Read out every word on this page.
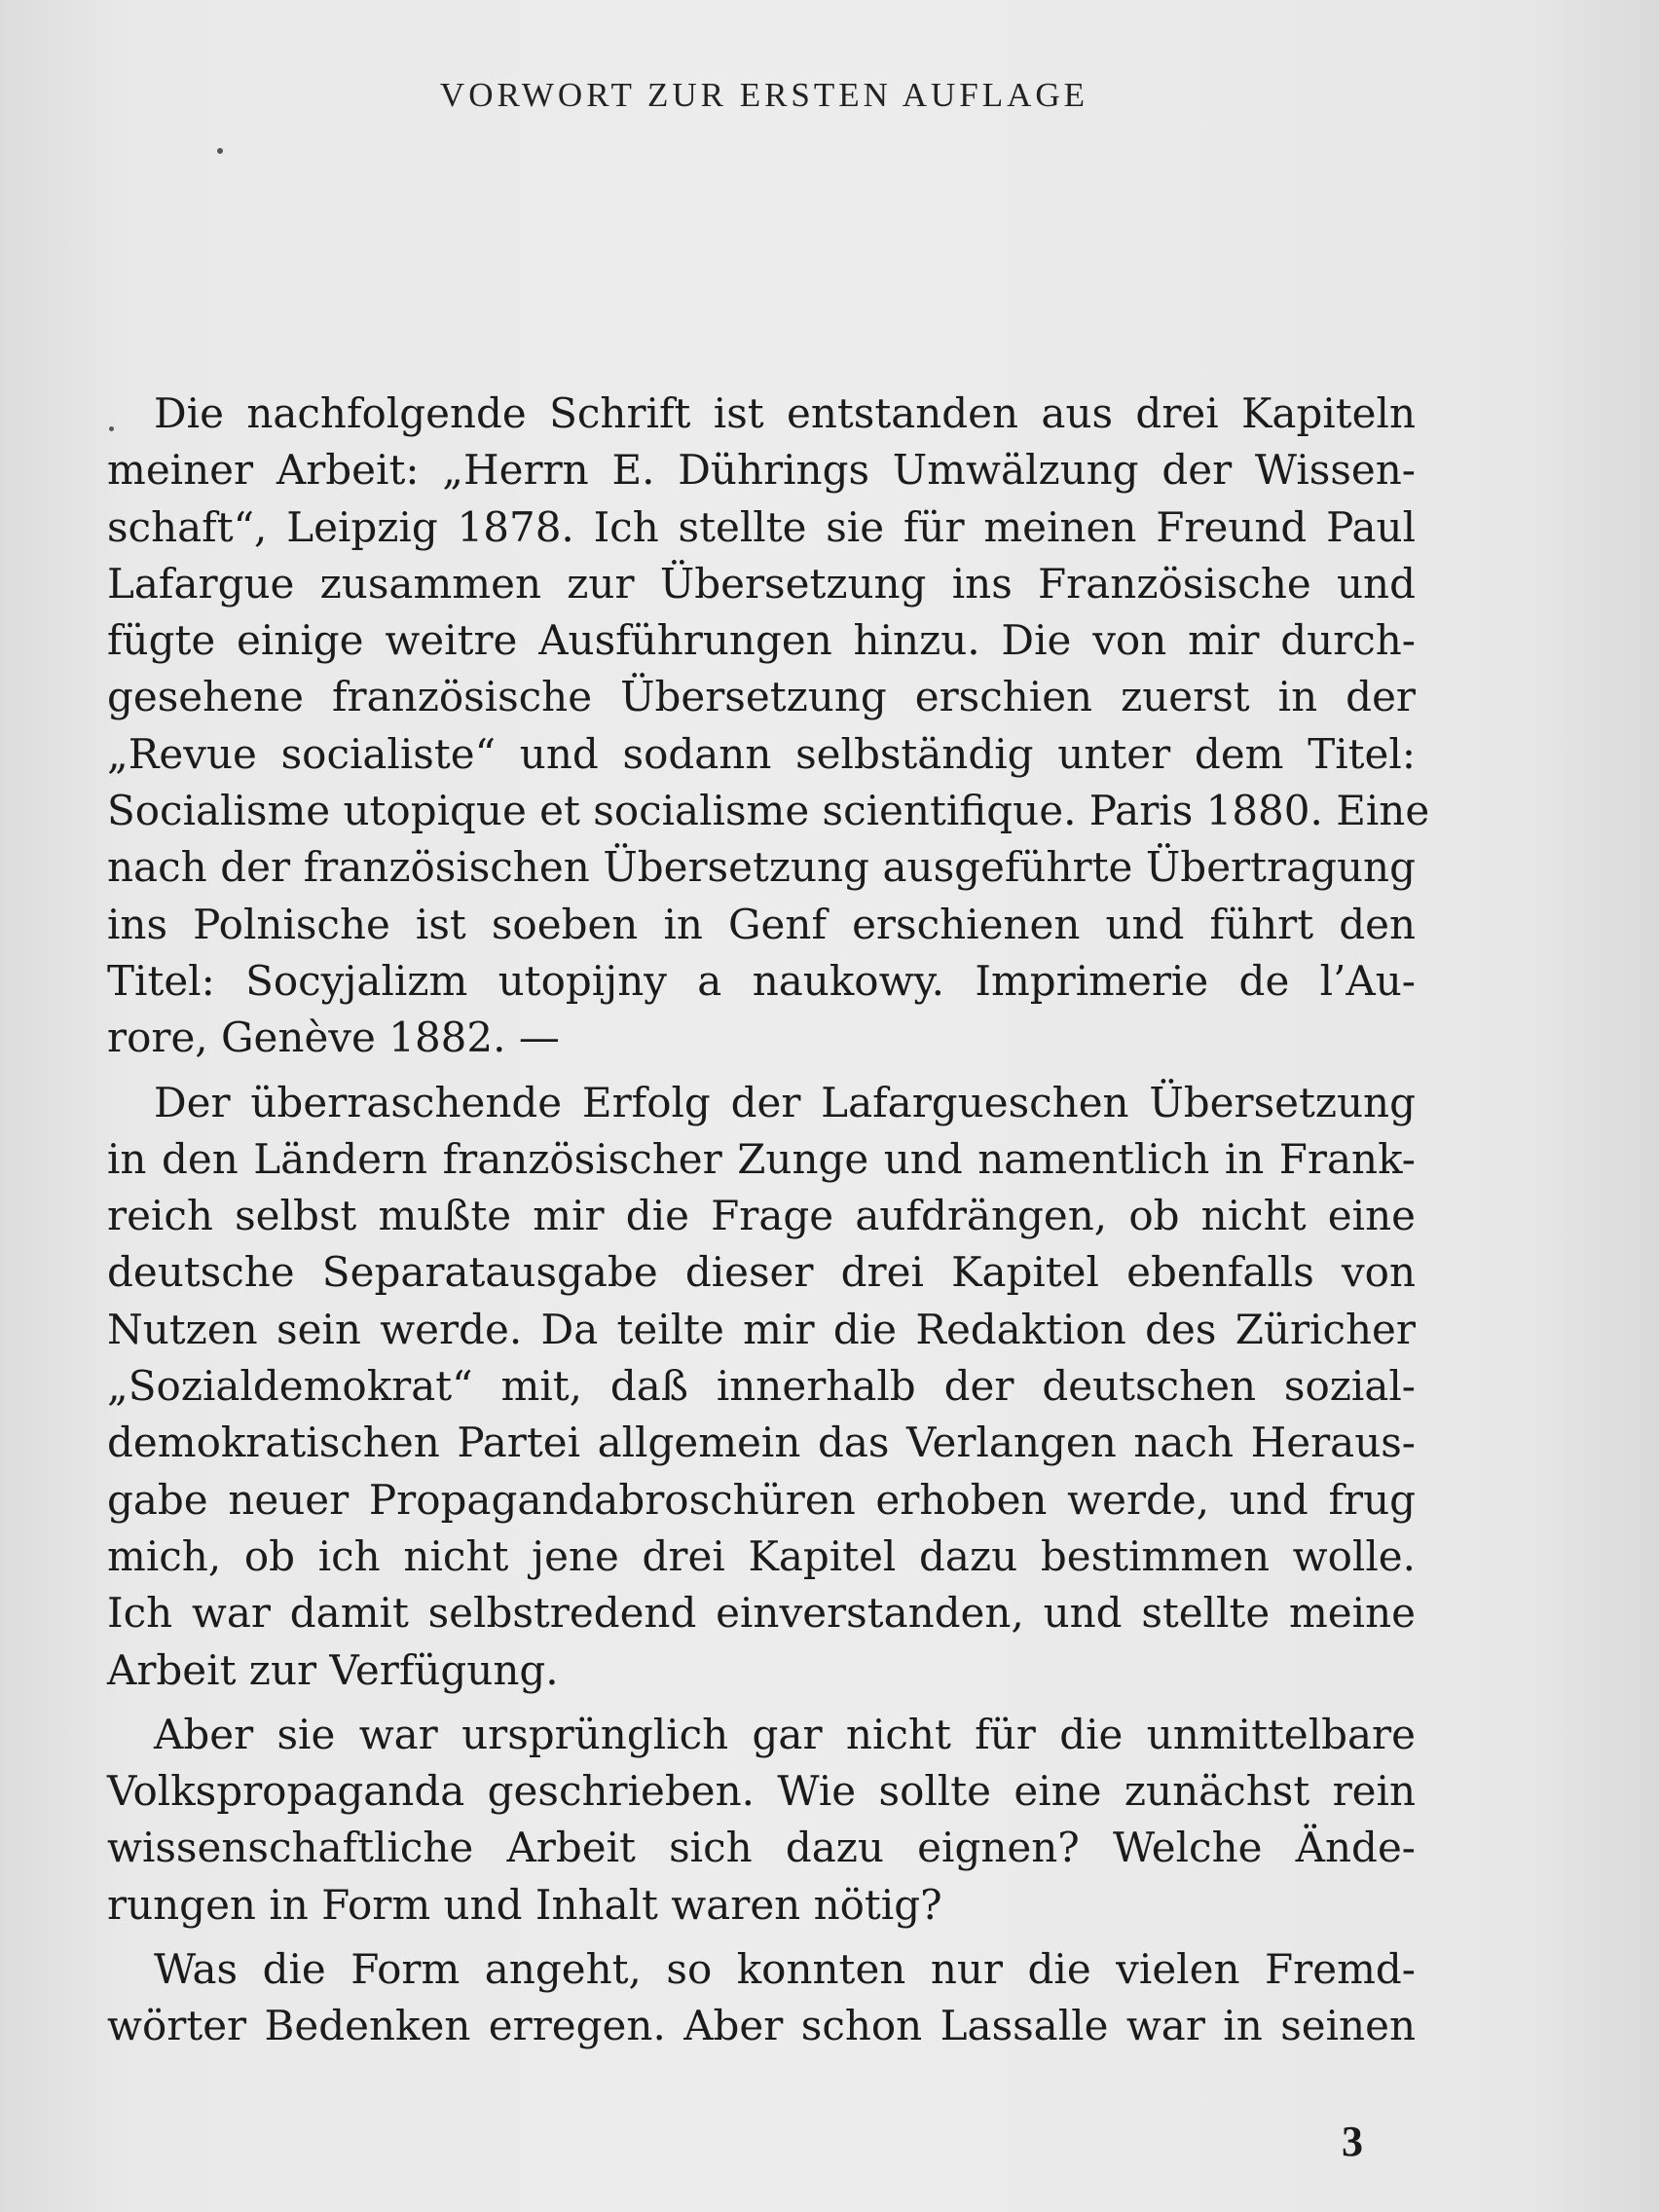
VORWORT ZUR ERSTEN AUFLAGE

Die nachfolgende Schrift ist entstanden aus drei Kapiteln
meiner Arbeit: „Herrn E. Dührings Umwälzung der Wissen-
schaft“, Leipzig 1878. Ich stellte sie für meinen Freund Paul
Lafargue zusammen zur Übersetzung ins Französische und
fügte einige weitre Ausführungen hinzu. Die von mir durch-
gesehene französische Übersetzung erschien zuerst in der
„Revue socialiste“ und sodann selbständig unter dem Titel:
Socialisme utopique et socialisme scientifique. Paris 1880. Eine
nach der französischen Übersetzung ausgeführte Übertragung
ins Polnische ist soeben in Genf erschienen und führt den
Titel: Socyjalizm utopijny a naukowy. Imprimerie de l’Au-
rore, Genève 1882. —

Der überraschende Erfolg der Lafargueschen Übersetzung
in den Ländern französischer Zunge und namentlich in Frank-
reich selbst mußte mir die Frage aufdrängen, ob nicht eine
deutsche Separatausgabe dieser drei Kapitel ebenfalls von
Nutzen sein werde. Da teilte mir die Redaktion des Züricher
„Sozialdemokrat“ mit, daß innerhalb der deutschen sozial-
demokratischen Partei allgemein das Verlangen nach Heraus-
gabe neuer Propagandabroschüren erhoben werde, und frug
mich, ob ich nicht jene drei Kapitel dazu bestimmen wolle.
Ich war damit selbstredend einverstanden, und stellte meine
Arbeit zur Verfügung.

Aber sie war ursprünglich gar nicht für die unmittelbare
Volkspropaganda geschrieben. Wie sollte eine zunächst rein
wissenschaftliche Arbeit sich dazu eignen? Welche Ände-
rungen in Form und Inhalt waren nötig?

Was die Form angeht, so konnten nur die vielen Fremd-
wörter Bedenken erregen. Aber schon Lassalle war in seinen

3
